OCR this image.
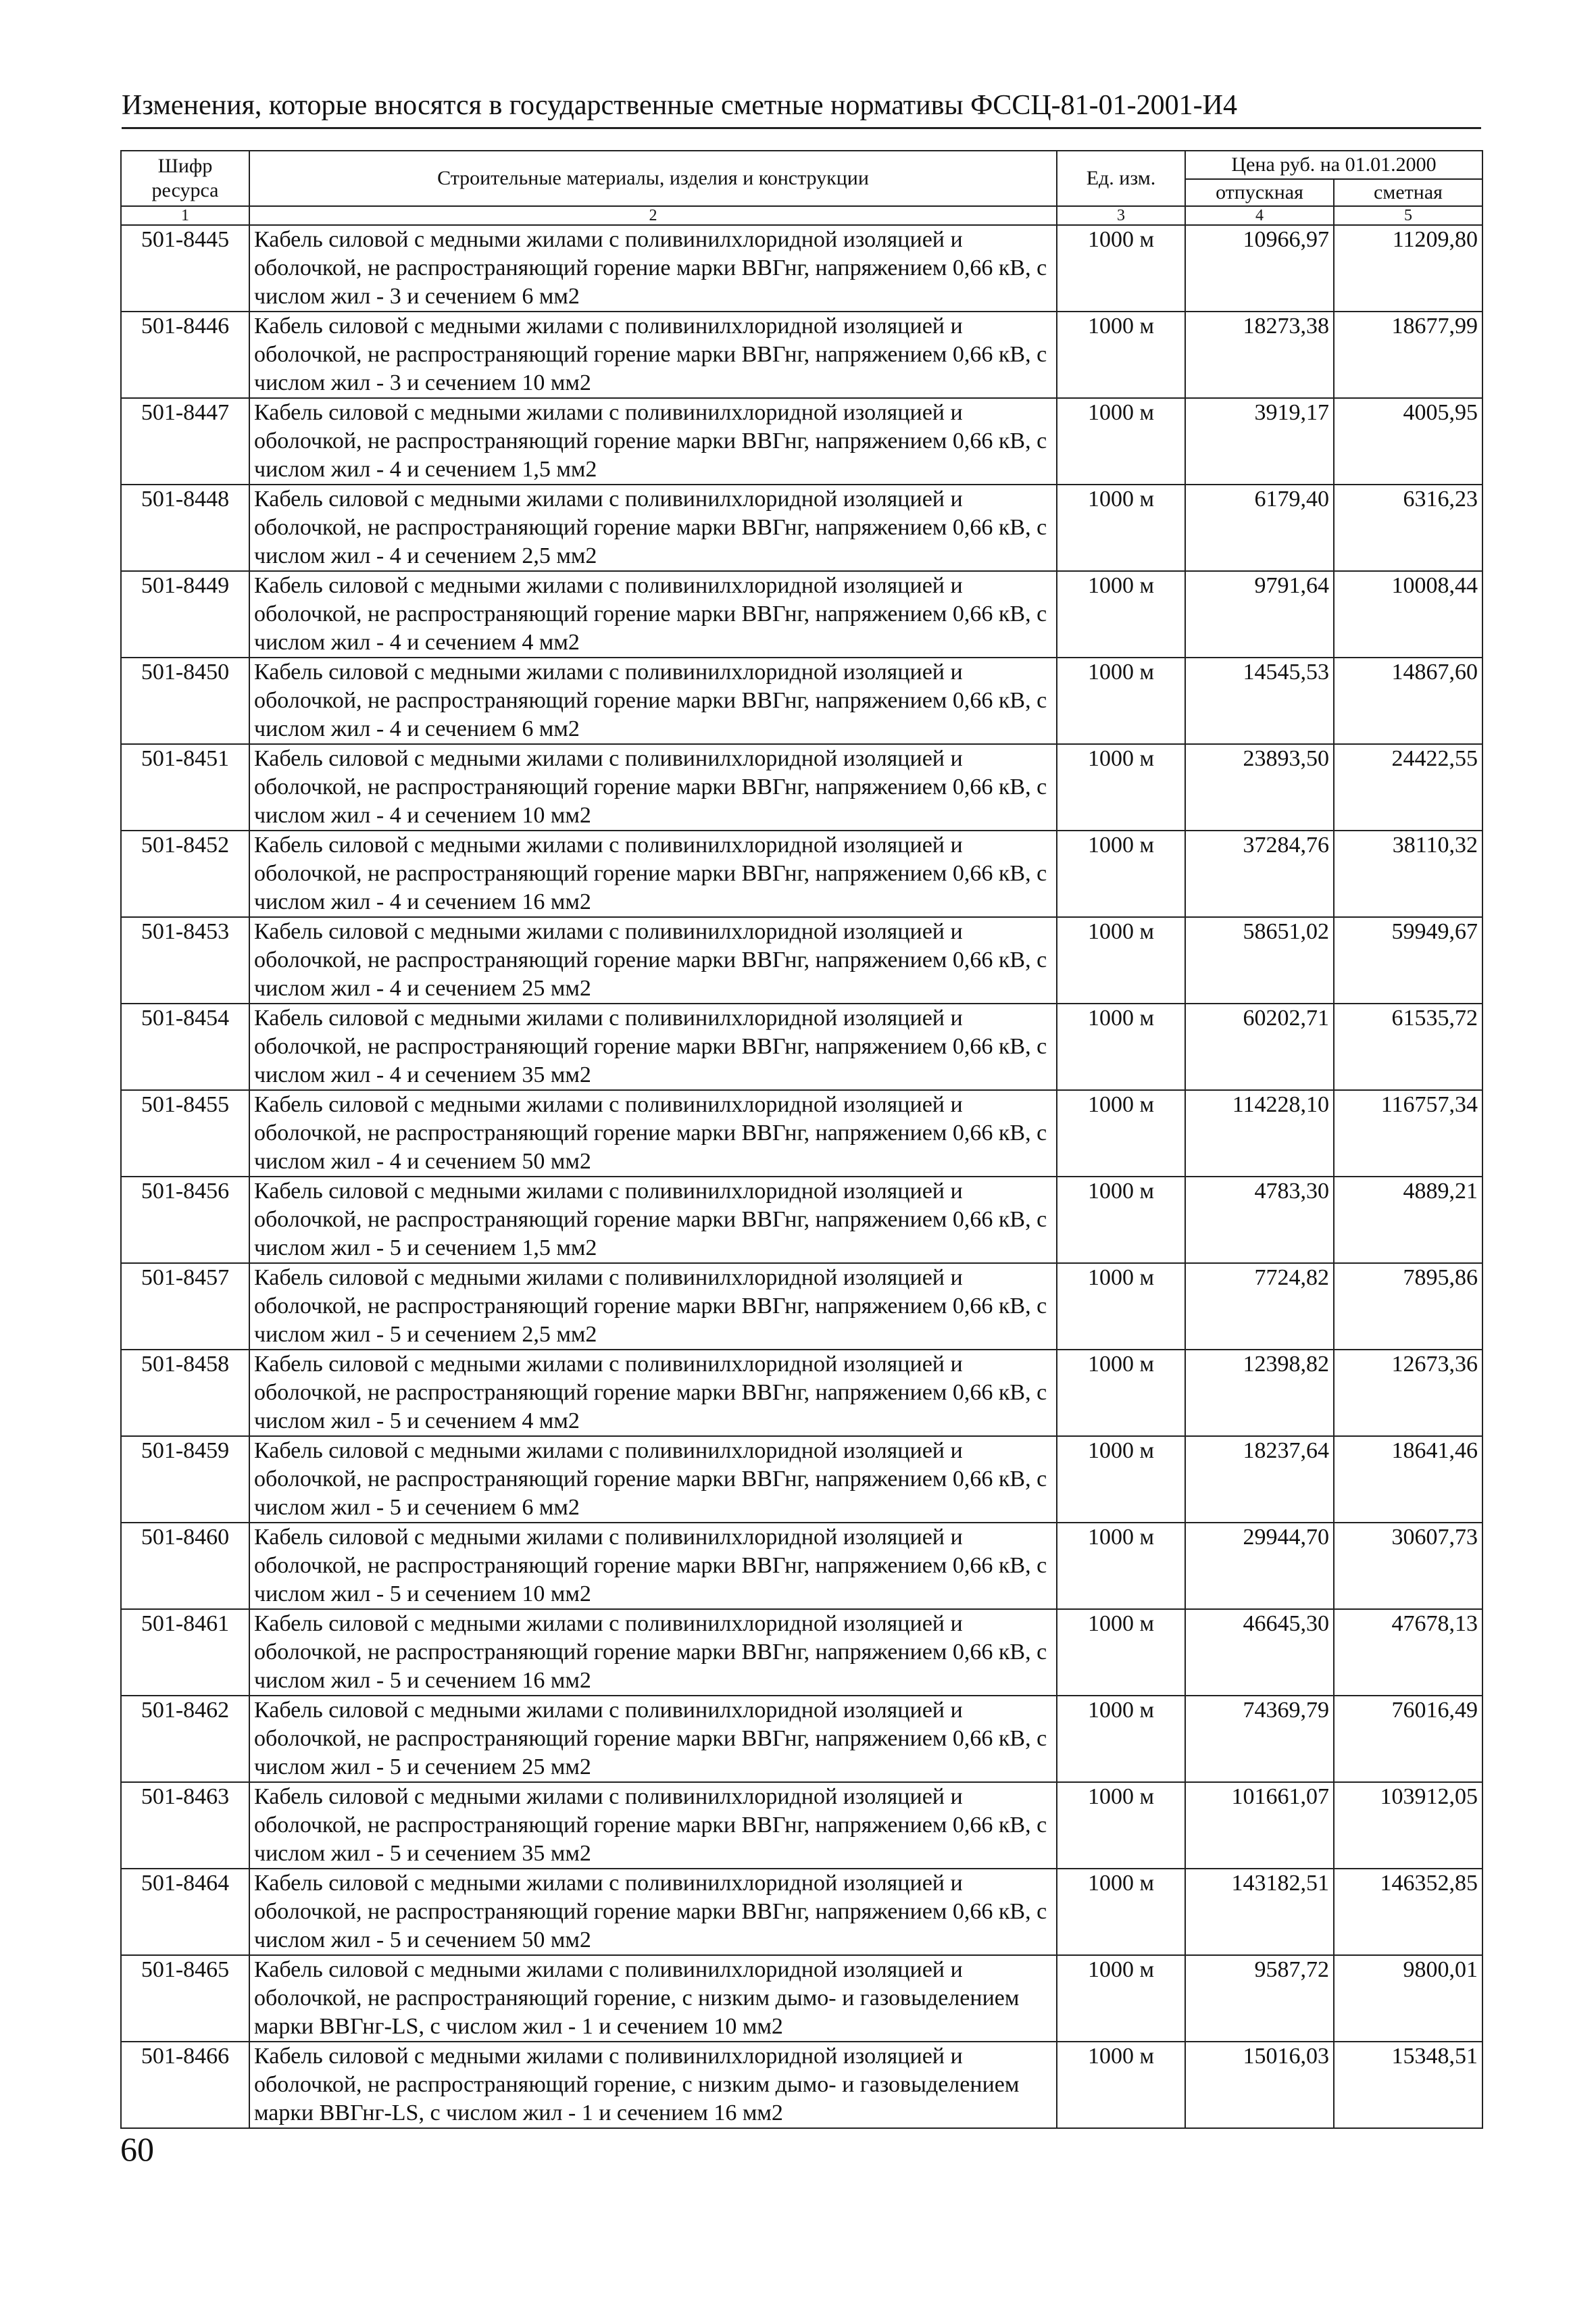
Изменения, которые вносятся в государственные сметные нормативы ФССЦ-81-01-2001-И4
Шифр ресурса	Строительные материалы, изделия и конструкции	Ед. изм.	Цена руб. на 01.01.2000	
			отпускная	сметная
1	2	3	4	5
501-8445	Кабель силовой с медными жилами с поливинилхлоридной изоляцией и оболочкой, не распространяющий горение марки ВВГнг, напряжением 0,66 кВ, с числом жил - 3 и сечением 6 мм2	1000 м	10966,97	11209,80
501-8446	Кабель силовой с медными жилами с поливинилхлоридной изоляцией и оболочкой, не распространяющий горение марки ВВГнг, напряжением 0,66 кВ, с числом жил - 3 и сечением 10 мм2	1000 м	18273,38	18677,99
501-8447	Кабель силовой с медными жилами с поливинилхлоридной изоляцией и оболочкой, не распространяющий горение марки ВВГнг, напряжением 0,66 кВ, с числом жил - 4 и сечением 1,5 мм2	1000 м	3919,17	4005,95
501-8448	Кабель силовой с медными жилами с поливинилхлоридной изоляцией и оболочкой, не распространяющий горение марки ВВГнг, напряжением 0,66 кВ, с числом жил - 4 и сечением 2,5 мм2	1000 м	6179,40	6316,23
501-8449	Кабель силовой с медными жилами с поливинилхлоридной изоляцией и оболочкой, не распространяющий горение марки ВВГнг, напряжением 0,66 кВ, с числом жил - 4 и сечением 4 мм2	1000 м	9791,64	10008,44
501-8450	Кабель силовой с медными жилами с поливинилхлоридной изоляцией и оболочкой, не распространяющий горение марки ВВГнг, напряжением 0,66 кВ, с числом жил - 4 и сечением 6 мм2	1000 м	14545,53	14867,60
501-8451	Кабель силовой с медными жилами с поливинилхлоридной изоляцией и оболочкой, не распространяющий горение марки ВВГнг, напряжением 0,66 кВ, с числом жил - 4 и сечением 10 мм2	1000 м	23893,50	24422,55
501-8452	Кабель силовой с медными жилами с поливинилхлоридной изоляцией и оболочкой, не распространяющий горение марки ВВГнг, напряжением 0,66 кВ, с числом жил - 4 и сечением 16 мм2	1000 м	37284,76	38110,32
501-8453	Кабель силовой с медными жилами с поливинилхлоридной изоляцией и оболочкой, не распространяющий горение марки ВВГнг, напряжением 0,66 кВ, с числом жил - 4 и сечением 25 мм2	1000 м	58651,02	59949,67
501-8454	Кабель силовой с медными жилами с поливинилхлоридной изоляцией и оболочкой, не распространяющий горение марки ВВГнг, напряжением 0,66 кВ, с числом жил - 4 и сечением 35 мм2	1000 м	60202,71	61535,72
501-8455	Кабель силовой с медными жилами с поливинилхлоридной изоляцией и оболочкой, не распространяющий горение марки ВВГнг, напряжением 0,66 кВ, с числом жил - 4 и сечением 50 мм2	1000 м	114228,10	116757,34
501-8456	Кабель силовой с медными жилами с поливинилхлоридной изоляцией и оболочкой, не распространяющий горение марки ВВГнг, напряжением 0,66 кВ, с числом жил - 5 и сечением 1,5 мм2	1000 м	4783,30	4889,21
501-8457	Кабель силовой с медными жилами с поливинилхлоридной изоляцией и оболочкой, не распространяющий горение марки ВВГнг, напряжением 0,66 кВ, с числом жил - 5 и сечением 2,5 мм2	1000 м	7724,82	7895,86
501-8458	Кабель силовой с медными жилами с поливинилхлоридной изоляцией и оболочкой, не распространяющий горение марки ВВГнг, напряжением 0,66 кВ, с числом жил - 5 и сечением 4 мм2	1000 м	12398,82	12673,36
501-8459	Кабель силовой с медными жилами с поливинилхлоридной изоляцией и оболочкой, не распространяющий горение марки ВВГнг, напряжением 0,66 кВ, с числом жил - 5 и сечением 6 мм2	1000 м	18237,64	18641,46
501-8460	Кабель силовой с медными жилами с поливинилхлоридной изоляцией и оболочкой, не распространяющий горение марки ВВГнг, напряжением 0,66 кВ, с числом жил - 5 и сечением 10 мм2	1000 м	29944,70	30607,73
501-8461	Кабель силовой с медными жилами с поливинилхлоридной изоляцией и оболочкой, не распространяющий горение марки ВВГнг, напряжением 0,66 кВ, с числом жил - 5 и сечением 16 мм2	1000 м	46645,30	47678,13
501-8462	Кабель силовой с медными жилами с поливинилхлоридной изоляцией и оболочкой, не распространяющий горение марки ВВГнг, напряжением 0,66 кВ, с числом жил - 5 и сечением 25 мм2	1000 м	74369,79	76016,49
501-8463	Кабель силовой с медными жилами с поливинилхлоридной изоляцией и оболочкой, не распространяющий горение марки ВВГнг, напряжением 0,66 кВ, с числом жил - 5 и сечением 35 мм2	1000 м	101661,07	103912,05
501-8464	Кабель силовой с медными жилами с поливинилхлоридной изоляцией и оболочкой, не распространяющий горение марки ВВГнг, напряжением 0,66 кВ, с числом жил - 5 и сечением 50 мм2	1000 м	143182,51	146352,85
501-8465	Кабель силовой с медными жилами с поливинилхлоридной изоляцией и оболочкой, не распространяющий горение, с низким дымо- и газовыделением марки ВВГнг-LS, с числом жил - 1 и сечением 10 мм2	1000 м	9587,72	9800,01
501-8466	Кабель силовой с медными жилами с поливинилхлоридной изоляцией и оболочкой, не распространяющий горение, с низким дымо- и газовыделением марки ВВГнг-LS, с числом жил - 1 и сечением 16 мм2	1000 м	15016,03	15348,51
60
